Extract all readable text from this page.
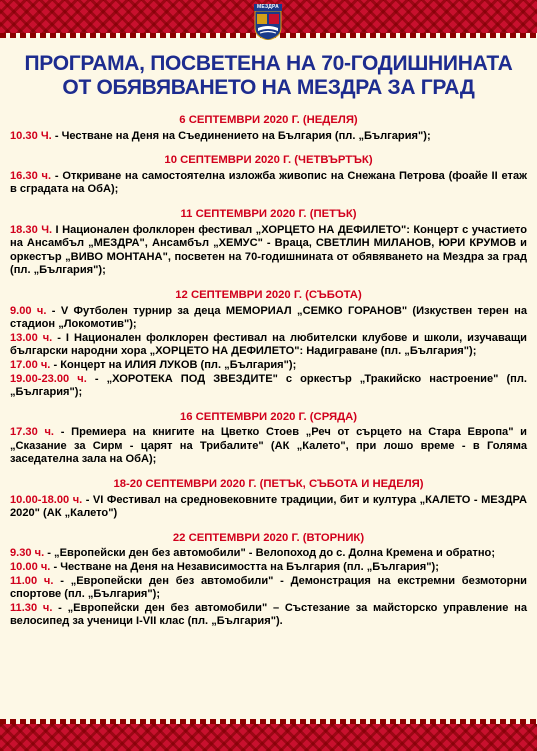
МЕЗДРА
ПРОГРАМА, ПОСВЕТЕНА НА 70-ГОДИШНИНАТА
ОТ ОБЯВЯВАНЕТО НА МЕЗДРА ЗА ГРАД
6 СЕПТЕМВРИ 2020 Г. (НЕДЕЛЯ)
10.30 Ч. - Честване на Деня на Съединението на България (пл. „България");
10 СЕПТЕМВРИ 2020 Г. (ЧЕТВЪРТЪК)
16.30 ч. - Откриване на самостоятелна изложба живопис на Снежана Петрова (фоайе II етаж в сградата на ОбА);
11 СЕПТЕМВРИ 2020 Г. (ПЕТЪК)
18.30 Ч. I Национален фолклорен фестивал „ХОРЦЕТО НА ДЕФИЛЕТО": Концерт с участието на Ансамбъл „МЕЗДРА", Ансамбъл „ХЕМУС" - Враца, СВЕТЛИН МИЛАНОВ, ЮРИ КРУМОВ и оркестър „ВИВО МОНТАНА", посветен на 70-годишнината от обявяването на Мездра за град (пл. „България");
12 СЕПТЕМВРИ 2020 Г. (СЪБОТА)
9.00 ч. - V Футболен турнир за деца МЕМОРИАЛ „СЕМКО ГОРАНОВ" (Изкуствен терен на стадион „Локомотив");
13.00 ч. - I Национален фолклорен фестивал на любителски клубове и школи, изучаващи български народни хора „ХОРЦЕТО НА ДЕФИЛЕТО": Надиграване (пл. „България");
17.00 ч. - Концерт на ИЛИЯ ЛУКОВ (пл. „България");
19.00-23.00 ч. - „ХОРОТЕКА ПОД ЗВЕЗДИТЕ" с оркестър „Тракийско настроение" (пл. „България");
16 СЕПТЕМВРИ 2020 Г. (СРЯДА)
17.30 ч. - Премиера на книгите на Цветко Стоев „Реч от сърцето на Стара Европа" и „Сказание за Сирм - царят на Трибалите" (АК „Калето", при лошо време - в Голяма заседателна зала на ОбА);
18-20 СЕПТЕМВРИ 2020 Г. (ПЕТЪК, СЪБОТА И НЕДЕЛЯ)
10.00-18.00 ч. - VI Фестивал на средновековните традиции, бит и култура „КАЛЕТО - МЕЗДРА 2020" (АК „Калето")
22 СЕПТЕМВРИ 2020 Г. (ВТОРНИК)
9.30 ч. - „Европейски ден без автомобили" - Велопоход до с. Долна Кремена и обратно;
10.00 ч. - Честване на Деня на Независимостта на България (пл. „България");
11.00 ч. - „Европейски ден без автомобили" - Демонстрация на екстремни безмоторни спортове (пл. „България");
11.30 ч. - „Европейски ден без автомобили" – Състезание за майсторско управление на велосипед за ученици I-VII клас (пл. „България").
